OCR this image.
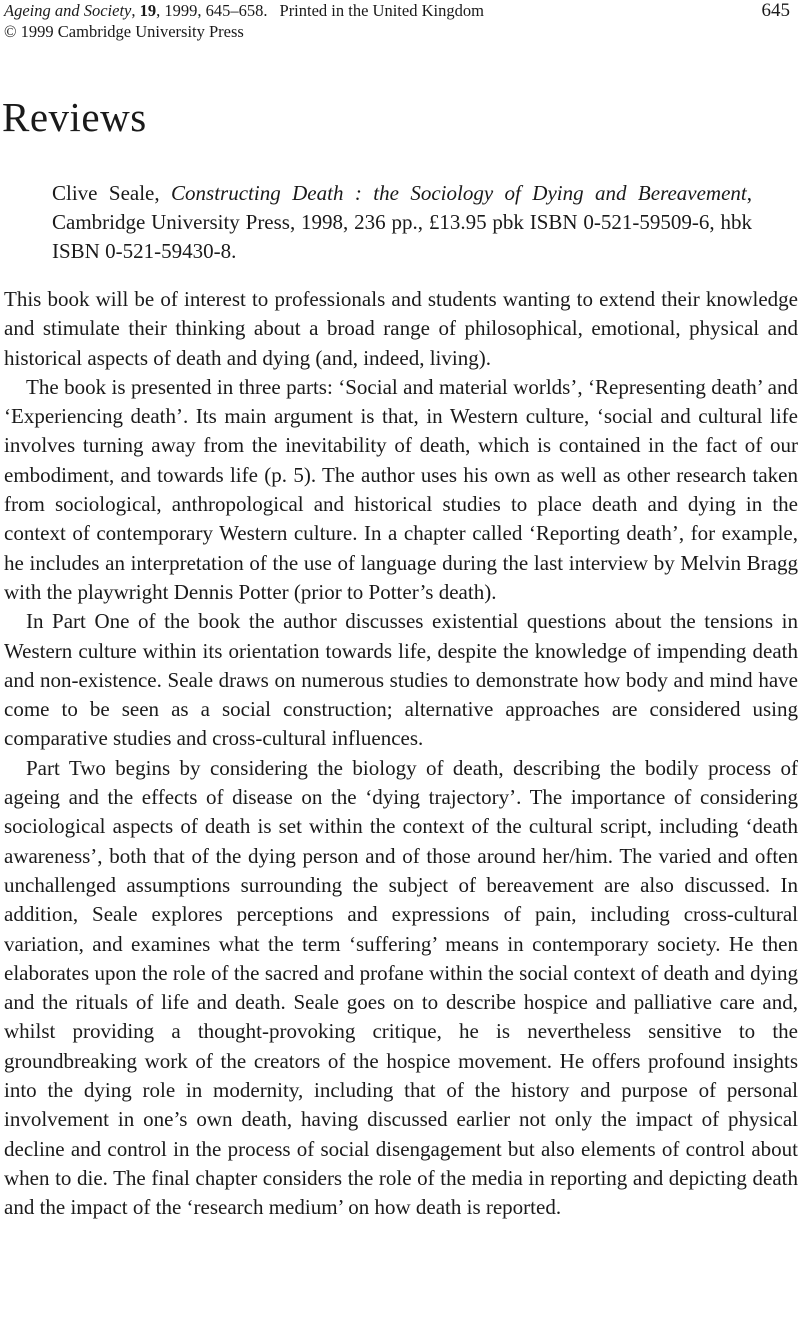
Ageing and Society, 19, 1999, 645–658. Printed in the United Kingdom
© 1999 Cambridge University Press
645
Reviews
Clive Seale, Constructing Death : the Sociology of Dying and Bereavement, Cambridge University Press, 1998, 236 pp., £13.95 pbk ISBN 0-521-59509-6, hbk ISBN 0-521-59430-8.

This book will be of interest to professionals and students wanting to extend their knowledge and stimulate their thinking about a broad range of philosophical, emotional, physical and historical aspects of death and dying (and, indeed, living).

The book is presented in three parts: ‘Social and material worlds’, ‘Representing death’ and ‘Experiencing death’. Its main argument is that, in Western culture, ‘social and cultural life involves turning away from the inevitability of death, which is contained in the fact of our embodiment, and towards life (p. 5). The author uses his own as well as other research taken from sociological, anthropological and historical studies to place death and dying in the context of contemporary Western culture. In a chapter called ‘Reporting death’, for example, he includes an interpretation of the use of language during the last interview by Melvin Bragg with the playwright Dennis Potter (prior to Potter’s death).

In Part One of the book the author discusses existential questions about the tensions in Western culture within its orientation towards life, despite the knowledge of impending death and non-existence. Seale draws on numerous studies to demonstrate how body and mind have come to be seen as a social construction; alternative approaches are considered using comparative studies and cross-cultural influences.

Part Two begins by considering the biology of death, describing the bodily process of ageing and the effects of disease on the ‘dying trajectory’. The importance of considering sociological aspects of death is set within the context of the cultural script, including ‘death awareness’, both that of the dying person and of those around her/him. The varied and often unchallenged assumptions surrounding the subject of bereavement are also discussed. In addition, Seale explores perceptions and expressions of pain, including cross-cultural variation, and examines what the term ‘suffering’ means in contemporary society. He then elaborates upon the role of the sacred and profane within the social context of death and dying and the rituals of life and death. Seale goes on to describe hospice and palliative care and, whilst providing a thought-provoking critique, he is nevertheless sensitive to the groundbreaking work of the creators of the hospice movement. He offers profound insights into the dying role in modernity, including that of the history and purpose of personal involvement in one’s own death, having discussed earlier not only the impact of physical decline and control in the process of social disengagement but also elements of control about when to die. The final chapter considers the role of the media in reporting and depicting death and the impact of the ‘research medium’ on how death is reported.
